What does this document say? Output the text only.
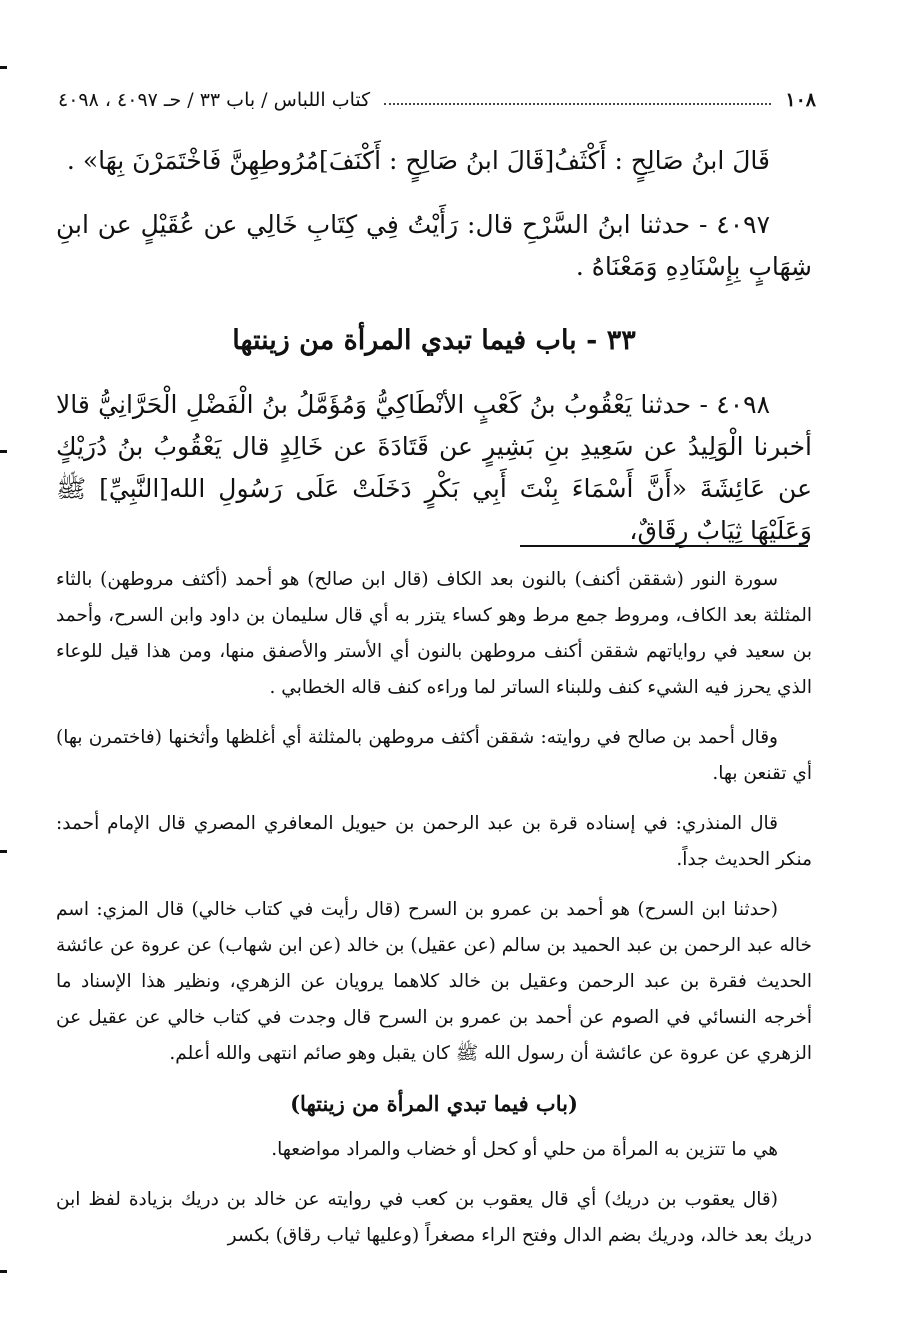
١٠٨
كتاب اللباس / باب ٣٣ / حـ ٤٠٩٧ ، ٤٠٩٨

قَالَ ابنُ صَالِحٍ : أَكْثَفُ[قَالَ ابنُ صَالِحٍ : أَكْنَفَ]مُرُوطِهِنَّ فَاخْتَمَرْنَ بِهَا» .

٤٠٩٧ - حدثنا ابنُ السَّرْحِ قال: رَأَيْتُ فِي كِتَابِ خَالِي عن عُقَيْلٍ عن ابنِ شِهَابٍ بِإِسْنَادِهِ وَمَعْنَاهُ .

٣٣ - باب فيما تبدي المرأة من زينتها

٤٠٩٨ - حدثنا يَعْقُوبُ بنُ كَعْبٍ الأنْطَاكِيُّ وَمُؤَمَّلُ بنُ الْفَضْلِ الْحَرَّانِيُّ قالا أخبرنا الْوَلِيدُ عن سَعِيدِ بنِ بَشِيرٍ عن قَتَادَةَ عن خَالِدٍ قال يَعْقُوبُ بنُ دُرَيْكٍ عن عَائِشَةَ «أَنَّ أَسْمَاءَ بِنْتَ أَبِي بَكْرٍ دَخَلَتْ عَلَى رَسُولِ الله[النَّبِيِّ] ﷺ وَعَلَيْهَا ثِيَابٌ رِقَاقٌ،

سورة النور (شققن أكنف) بالنون بعد الكاف (قال ابن صالح) هو أحمد (أكثف مروطهن) بالثاء المثلثة بعد الكاف، ومروط جمع مرط وهو كساء يتزر به أي قال سليمان بن داود وابن السرح، وأحمد بن سعيد في رواياتهم شققن أكنف مروطهن بالنون أي الأستر والأصفق منها، ومن هذا قيل للوعاء الذي يحرز فيه الشيء كنف وللبناء الساتر لما وراءه كنف قاله الخطابي .

وقال أحمد بن صالح في روايته: شققن أكثف مروطهن بالمثلثة أي أغلظها وأثخنها (فاختمرن بها) أي تقنعن بها.

قال المنذري: في إسناده قرة بن عبد الرحمن بن حيويل المعافري المصري قال الإمام أحمد: منكر الحديث جداً.

(حدثنا ابن السرح) هو أحمد بن عمرو بن السرح (قال رأيت في كتاب خالي) قال المزي: اسم خاله عبد الرحمن بن عبد الحميد بن سالم (عن عقيل) بن خالد (عن ابن شهاب) عن عروة عن عائشة الحديث فقرة بن عبد الرحمن وعقيل بن خالد كلاهما يرويان عن الزهري، ونظير هذا الإسناد ما أخرجه النسائي في الصوم عن أحمد بن عمرو بن السرح قال وجدت في كتاب خالي عن عقيل عن الزهري عن عروة عن عائشة أن رسول الله ﷺ كان يقبل وهو صائم انتهى والله أعلم.

(باب فيما تبدي المرأة من زينتها)

هي ما تتزين به المرأة من حلي أو كحل أو خضاب والمراد مواضعها.

(قال يعقوب بن دريك) أي قال يعقوب بن كعب في روايته عن خالد بن دريك بزيادة لفظ ابن دريك بعد خالد، ودريك بضم الدال وفتح الراء مصغراً (وعليها ثياب رقاق) بكسر
